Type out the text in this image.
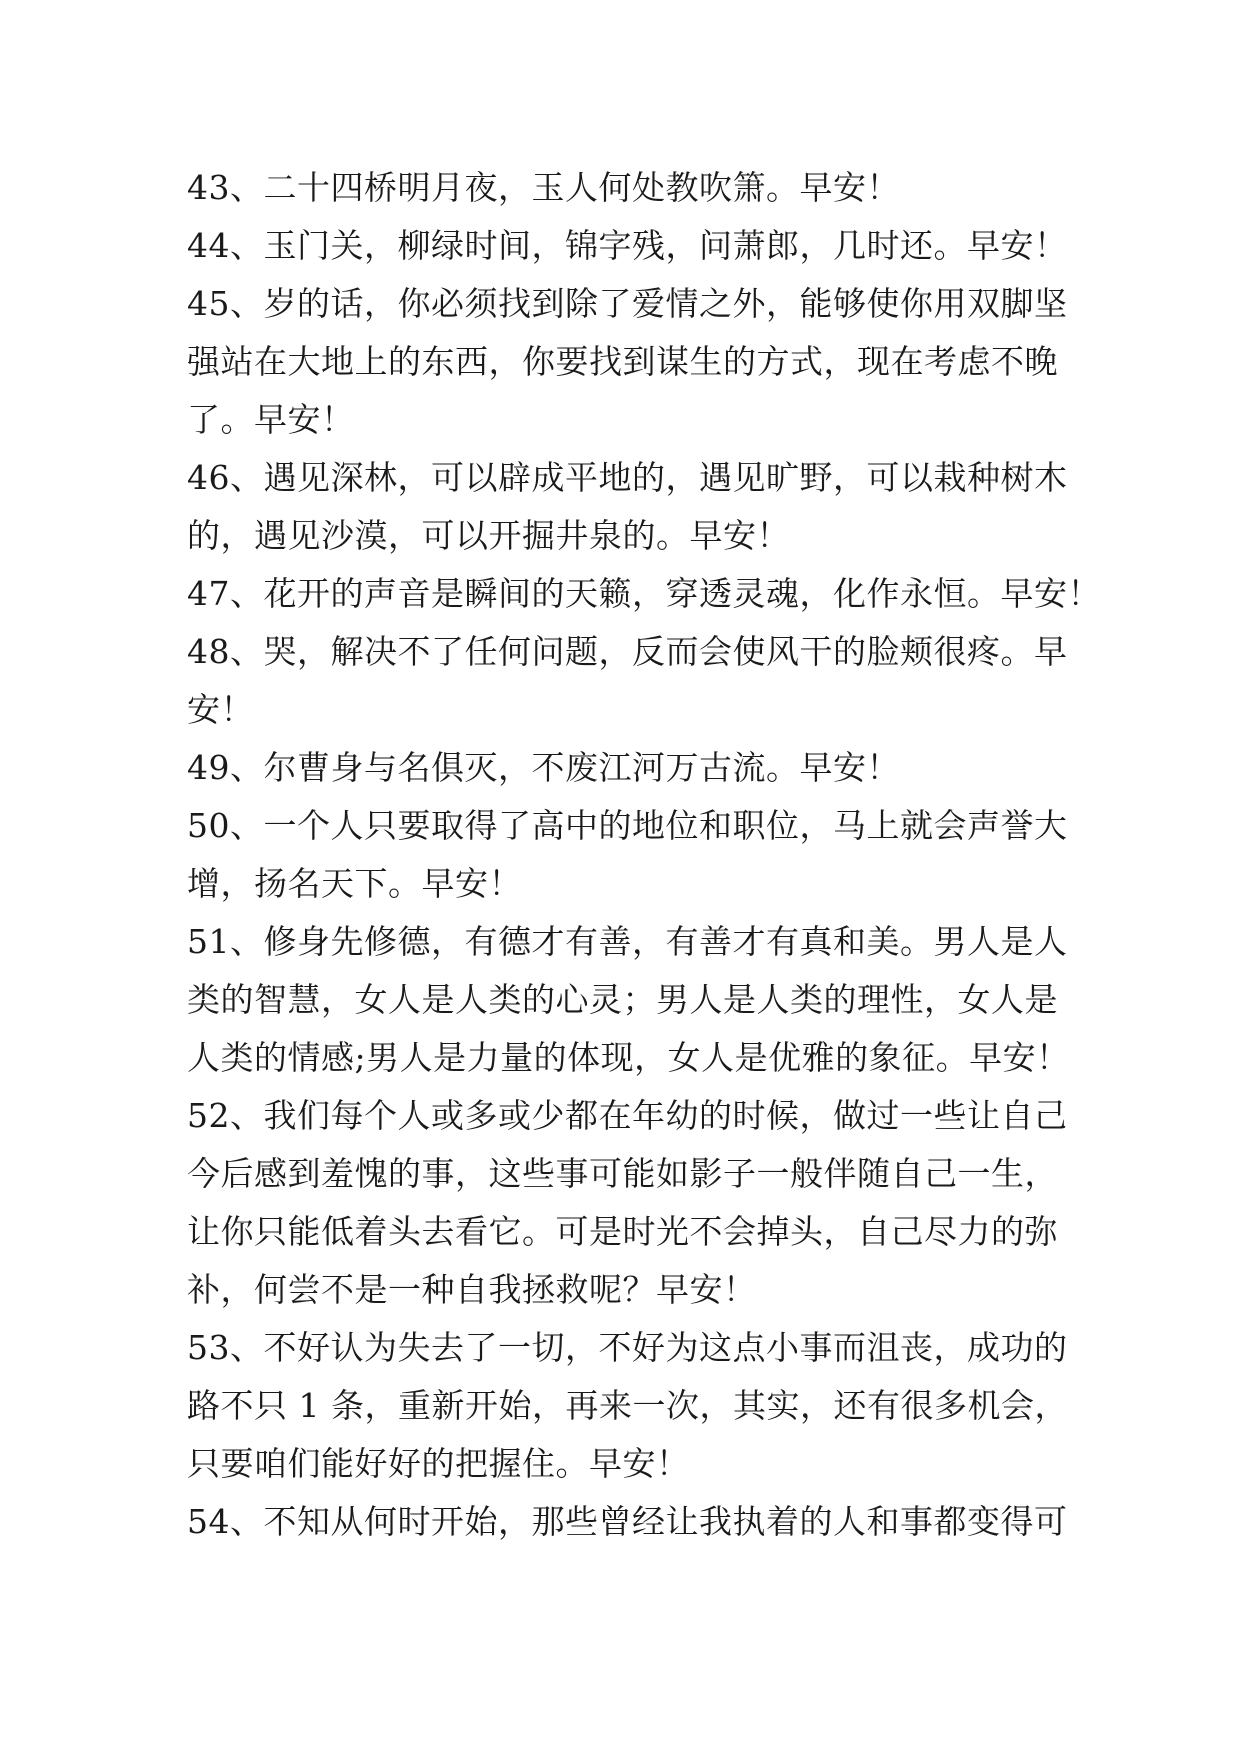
43、二十四桥明月夜，玉人何处教吹箫。早安！
44、玉门关，柳绿时间，锦字残，问萧郎，几时还。早安！
45、岁的话，你必须找到除了爱情之外，能够使你用双脚坚
强站在大地上的东西，你要找到谋生的方式，现在考虑不晚
了。早安！
46、遇见深林，可以辟成平地的，遇见旷野，可以栽种树木
的，遇见沙漠，可以开掘井泉的。早安！
47、花开的声音是瞬间的天籁，穿透灵魂，化作永恒。早安！
48、哭，解决不了任何问题，反而会使风干的脸颊很疼。早
安！
49、尔曹身与名俱灭，不废江河万古流。早安！
50、一个人只要取得了高中的地位和职位，马上就会声誉大
增，扬名天下。早安！
51、修身先修德，有德才有善，有善才有真和美。男人是人
类的智慧，女人是人类的心灵；男人是人类的理性，女人是
人类的情感;男人是力量的体现，女人是优雅的象征。早安！
52、我们每个人或多或少都在年幼的时候，做过一些让自己
今后感到羞愧的事，这些事可能如影子一般伴随自己一生，
让你只能低着头去看它。可是时光不会掉头，自己尽力的弥
补，何尝不是一种自我拯救呢？早安！
53、不好认为失去了一切，不好为这点小事而沮丧，成功的
路不只 1 条，重新开始，再来一次，其实，还有很多机会，
只要咱们能好好的把握住。早安！
54、不知从何时开始，那些曾经让我执着的人和事都变得可
